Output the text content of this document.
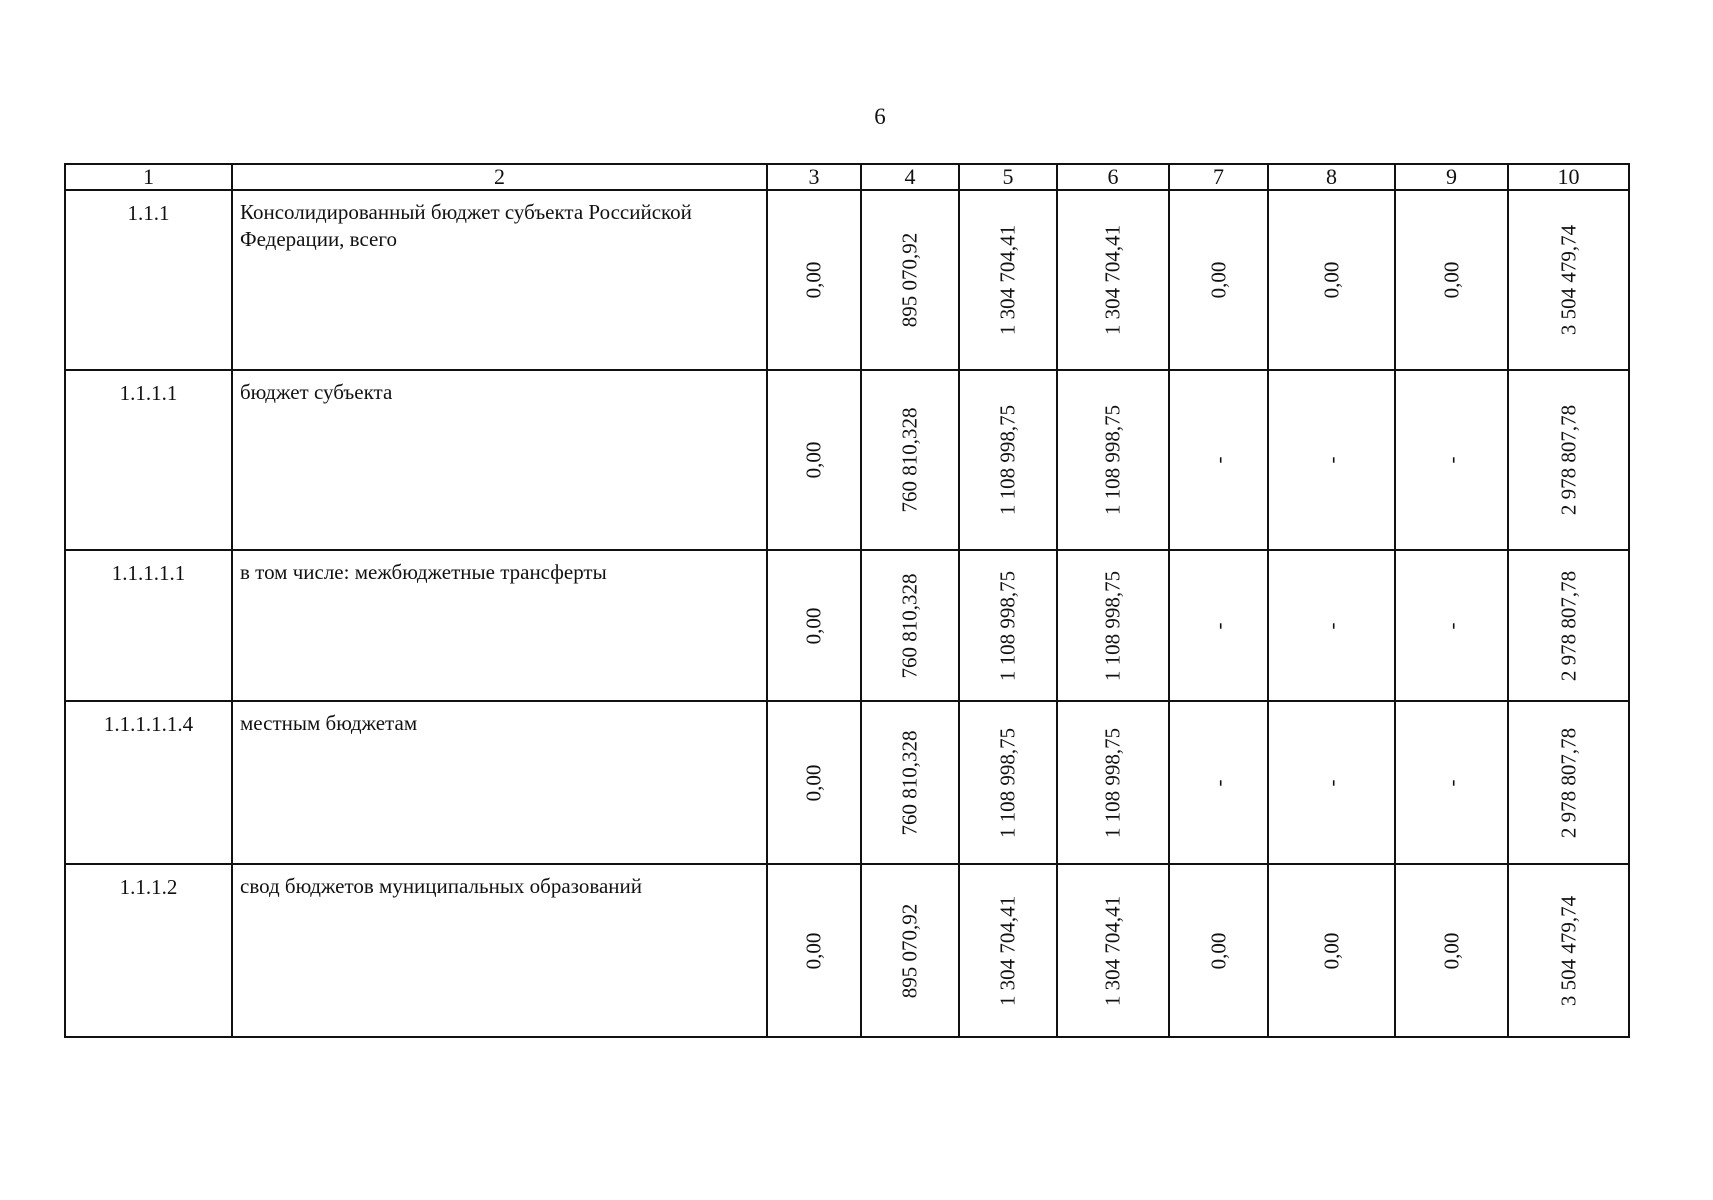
6
1	2	3	4	5	6	7	8	9	10
1.1.1	Консолидированный бюджет субъекта Российской Федерации, всего	0,00	895 070,92	1 304 704,41	1 304 704,41	0,00	0,00	0,00	3 504 479,74

1.1.1.1	бюджет субъекта	0,00	760 810,328	1 108 998,75	1 108 998,75	-	-	-	2 978 807,78

1.1.1.1.1	в том числе: межбюджетные трансферты	0,00	760 810,328	1 108 998,75	1 108 998,75	-	-	-	2 978 807,78

1.1.1.1.1.4	местным бюджетам	0,00	760 810,328	1 108 998,75	1 108 998,75	-	-	-	2 978 807,78

1.1.1.2	свод бюджетов муниципальных образований	0,00	895 070,92	1 304 704,41	1 304 704,41	0,00	0,00	0,00	3 504 479,74
